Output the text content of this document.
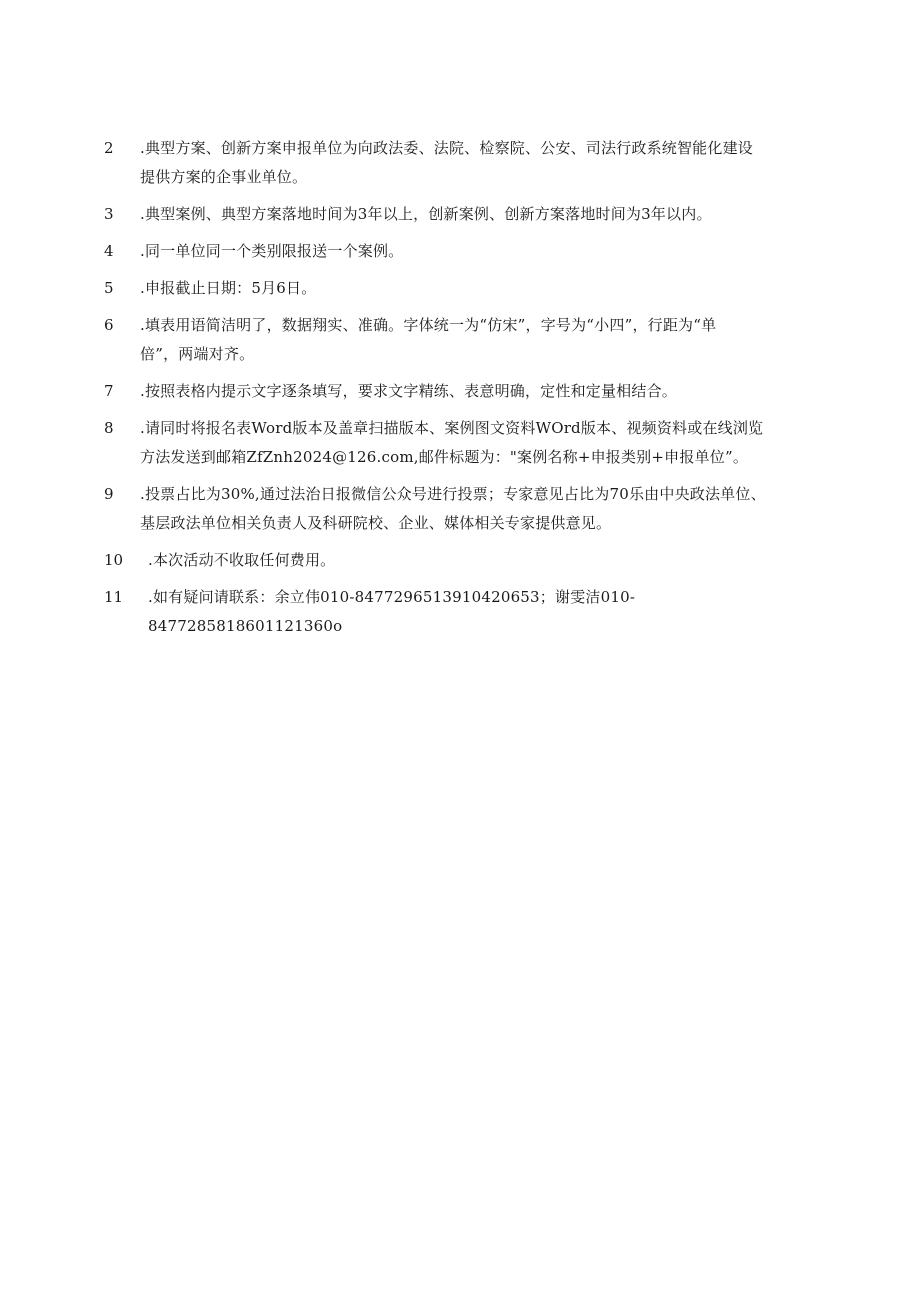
2	.典型方案、创新方案申报单位为向政法委、法院、检察院、公安、司法行政系统智能化建设
提供方案的企事业单位。
3	.典型案例、典型方案落地时间为3年以上，创新案例、创新方案落地时间为3年以内。
4	.同一单位同一个类别限报送一个案例。
5	.申报截止日期：5月6日。
6	.填表用语简洁明了，数据翔实、准确。字体统一为“仿宋”，字号为“小四”，行距为“单
倍”，两端对齐。
7	.按照表格内提示文字逐条填写，要求文字精练、表意明确，定性和定量相结合。
8	.请同时将报名表Word版本及盖章扫描版本、案例图文资料WOrd版本、视频资料或在线浏览
方法发送到邮箱ZfZnh2024@126.com,邮件标题为："案例名称+申报类别+申报单位”。
9	.投票占比为30%,通过法治日报微信公众号进行投票；专家意见占比为70乐由中央政法单位、
基层政法单位相关负责人及科研院校、企业、媒体相关专家提供意见。
10	.本次活动不收取任何费用。
11	.如有疑问请联系：余立伟010-8477296513910420653；谢雯洁010-
8477285818601121360o
